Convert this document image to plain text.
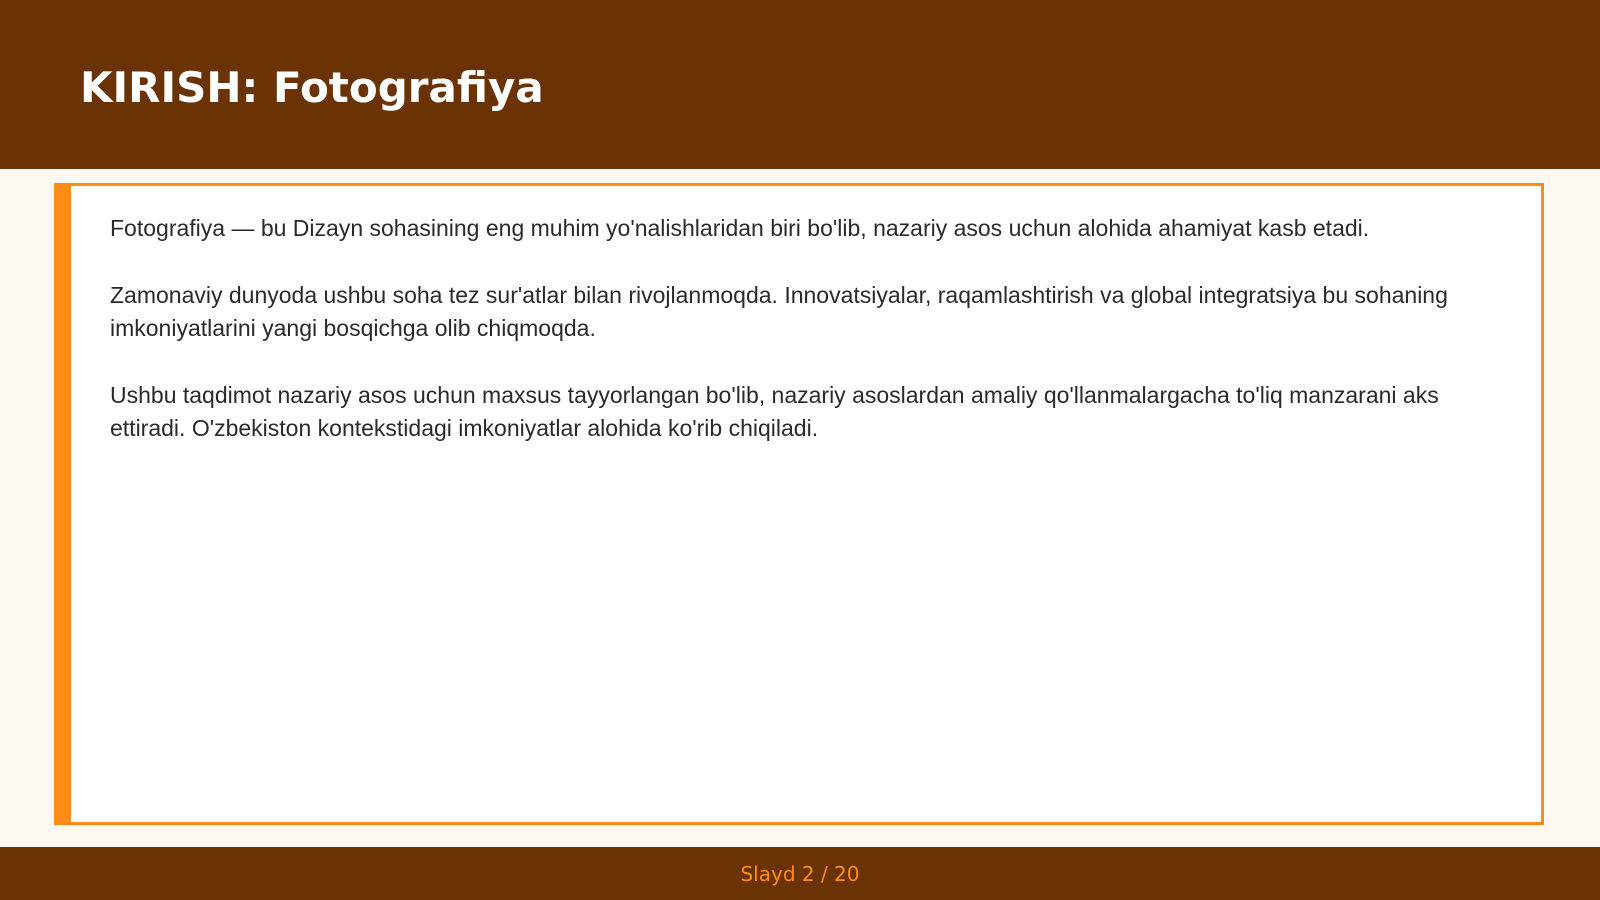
KIRISH: Fotografiya

Fotografiya — bu Dizayn sohasining eng muhim yo'nalishlaridan biri bo'lib, nazariy asos uchun alohida ahamiyat kasb etadi.

Zamonaviy dunyoda ushbu soha tez sur'atlar bilan rivojlanmoqda. Innovatsiyalar, raqamlashtirish va global integratsiya bu sohaning imkoniyatlarini yangi bosqichga olib chiqmoqda.

Ushbu taqdimot nazariy asos uchun maxsus tayyorlangan bo'lib, nazariy asoslardan amaliy qo'llanmalargacha to'liq manzarani aks ettiradi. O'zbekiston kontekstidagi imkoniyatlar alohida ko'rib chiqiladi.

Slayd 2 / 20
